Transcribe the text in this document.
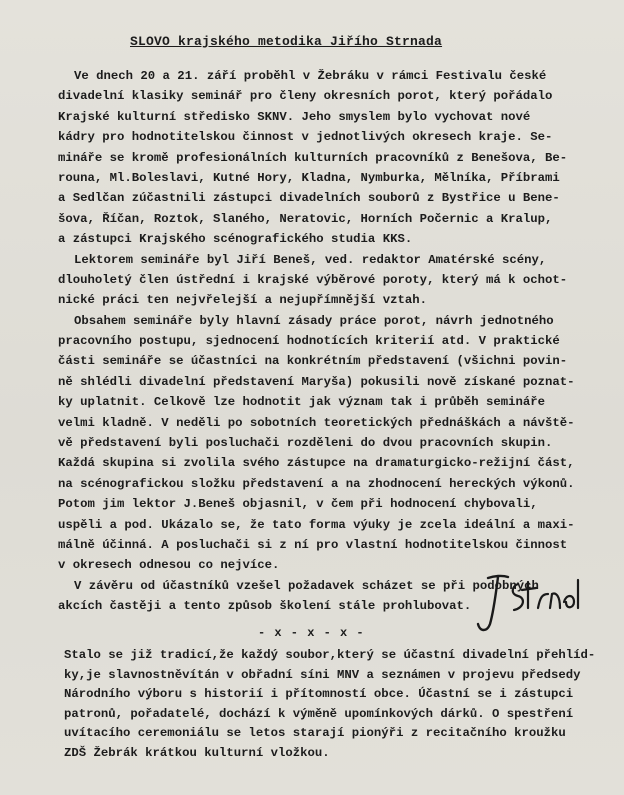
SLOVO krajského metodika Jiřího Strnada
Ve dnech 20 a 21. září proběhl v Žebráku v rámci Festivalu české
divadelní klasiky seminář pro členy okresních porot, který pořádalo
Krajské kulturní středisko SKNV. Jeho smyslem bylo vychovat nové
kádry pro hodnotitelskou činnost v jednotlivých okresech kraje. Se-
mináře se kromě profesionálních kulturních pracovníků z Benešova, Be-
rouna, Ml.Boleslavi, Kutné Hory, Kladna, Nymburka, Mělníka, Příbrami
a Sedlčan zúčastnili zástupci divadelních souborů z Bystřice u Bene-
šova, Říčan, Roztok, Slaného, Neratovic, Horních Počernic a Kralup,
a zástupci Krajského scénografického studia KKS.
Lektorem semináře byl Jiří Beneš, ved. redaktor Amatérské scény,
dlouholetý člen ústřední i krajské výběrové poroty, který má k ochot-
nické práci ten nejvřelejší a nejupřímnější vztah.
Obsahem semináře byly hlavní zásady práce porot, návrh jednotného
pracovního postupu, sjednocení hodnotících kriterií atd. V praktické
části semináře se účastníci na konkrétním představení (všichni povin-
ně shlédli divadelní představení Maryša) pokusili nově získané poznat-
ky uplatnit. Celkově lze hodnotit jak význam tak i průběh semináře
velmi kladně. V neděli po sobotních teoretických přednáškách a návště-
vě představení byli posluchači rozděleni do dvou pracovních skupin.
Každá skupina si zvolila svého zástupce na dramaturgicko-režijní část,
na scénografickou složku představení a na zhodnocení hereckých výkonů.
Potom jim lektor J.Beneš objasnil, v čem při hodnocení chybovali,
uspěli a pod. Ukázalo se, že tato forma výuky je zcela ideální a maxi-
málně účinná. A posluchači si z ní pro vlastní hodnotitelskou činnost
v okresech odnesou co nejvíce.
V závěru od účastníků vzešel požadavek scházet se při podobných
akcích častěji a tento způsob školení stále prohlubovat.
- x - x - x -
Stalo se již tradicí,že každý soubor,který se účastní divadelní přehlíd-
ky,je slavnostněvítán v obřadní síni MNV a seznámen v projevu předsedy
Národního výboru s historií i přítomností obce. Účastní se i zástupci
patronů, pořadatelé, dochází k výměně upomínkových dárků. O spestření
uvítacího ceremoniálu se letos starají pionýři z recitačního kroužku
ZDŠ Žebrák krátkou kulturní vložkou.
